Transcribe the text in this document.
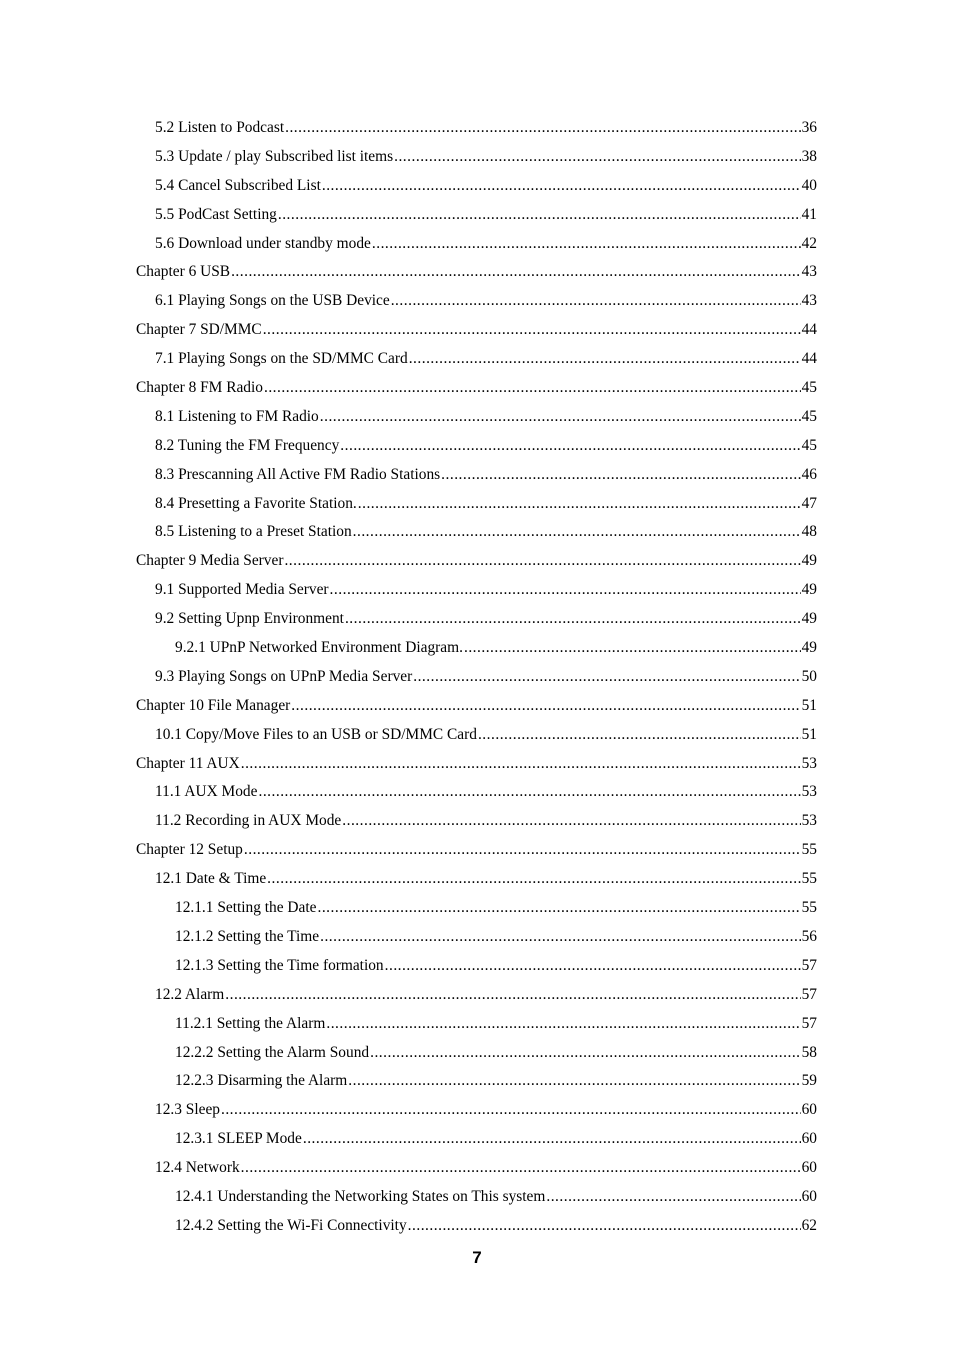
5.2 Listen to Podcast .....	36
5.3 Update / play Subscribed list items .....	38
5.4 Cancel Subscribed List .....	40
5.5 PodCast Setting .....	41
5.6 Download under standby mode .....	42
Chapter 6 USB .....	43
6.1 Playing Songs on the USB Device .....	43
Chapter 7 SD/MMC .....	44
7.1 Playing Songs on the SD/MMC Card .....	44
Chapter 8 FM Radio .....	45
8.1 Listening to FM Radio .....	45
8.2 Tuning the FM Frequency .....	45
8.3 Prescanning All Active FM Radio Stations .....	46
8.4 Presetting a Favorite Station. .....	47
8.5 Listening to a Preset Station .....	48
Chapter 9 Media Server .....	49
9.1 Supported Media Server .....	49
9.2 Setting Upnp Environment .....	49
9.2.1 UPnP Networked Environment Diagram. .....	49
9.3 Playing Songs on UPnP Media Server .....	50
Chapter 10 File Manager .....	51
10.1 Copy/Move Files to an USB or SD/MMC Card .....	51
Chapter 11 AUX .....	53
11.1 AUX Mode .....	53
11.2 Recording in AUX Mode .....	53
Chapter 12 Setup .....	55
12.1 Date & Time .....	55
12.1.1 Setting the Date .....	55
12.1.2 Setting the Time .....	56
12.1.3 Setting the Time formation .....	57
12.2 Alarm .....	57
11.2.1 Setting the Alarm .....	57
12.2.2 Setting the Alarm Sound .....	58
12.2.3 Disarming the Alarm .....	59
12.3 Sleep .....	60
12.3.1 SLEEP Mode .....	60
12.4 Network .....	60
12.4.1 Understanding the Networking States on This system .....	60
12.4.2 Setting the Wi-Fi Connectivity .....	62
7
